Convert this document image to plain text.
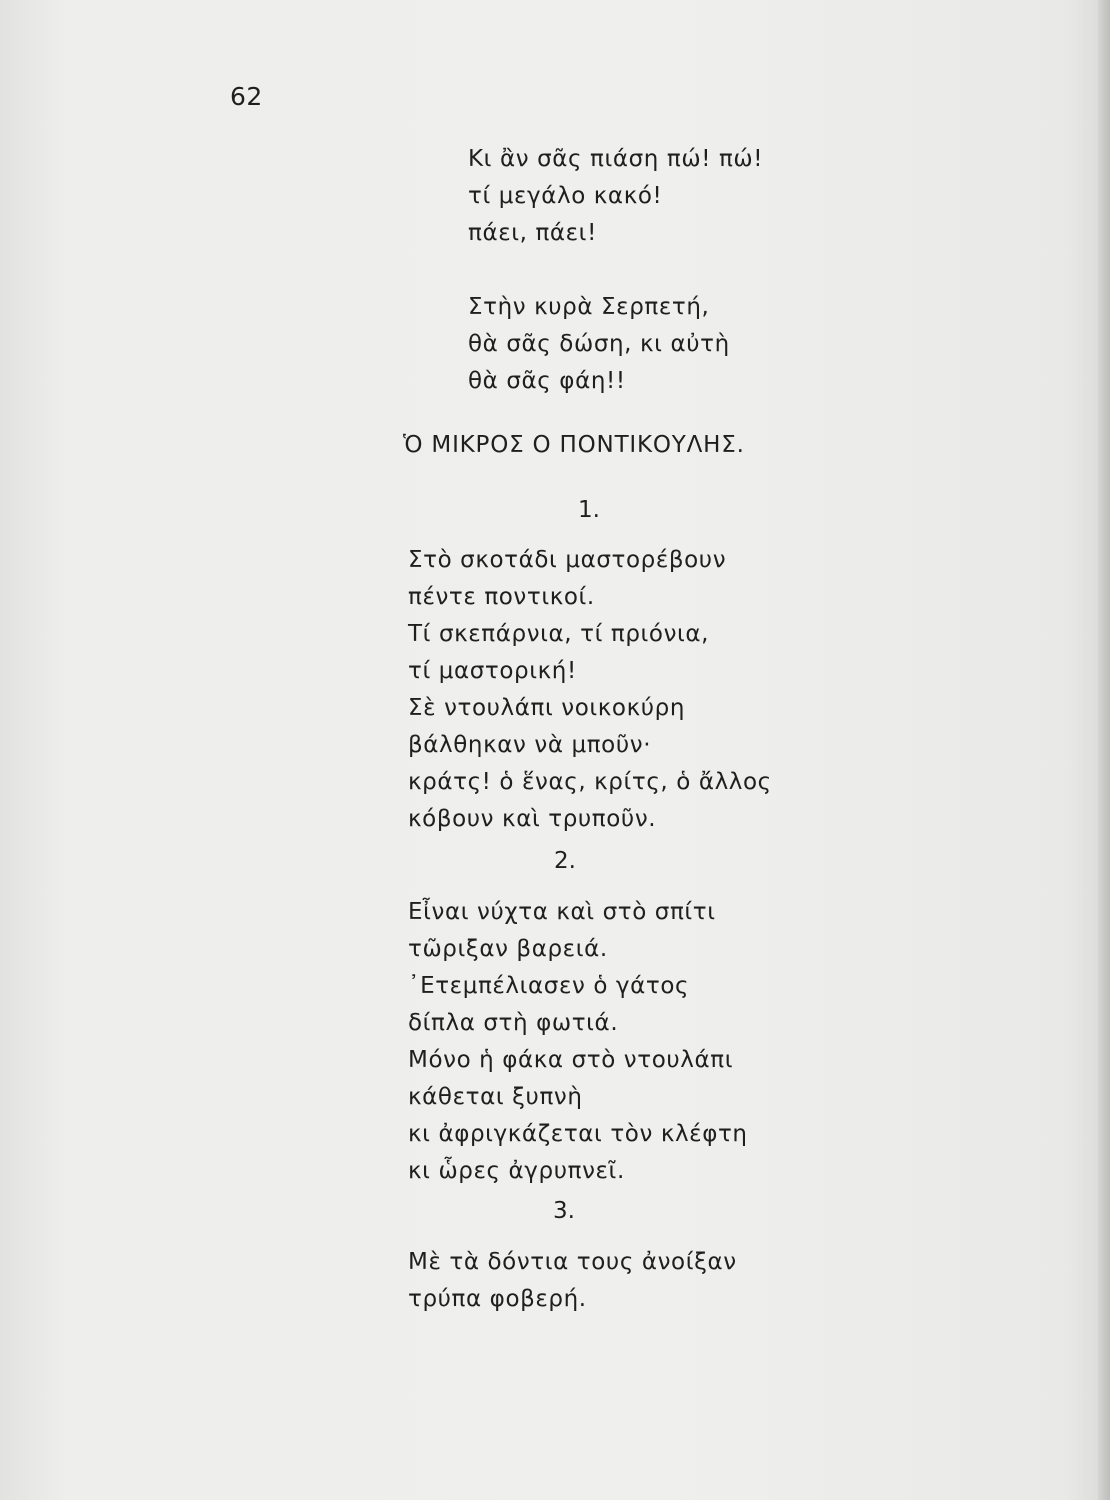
62
Κι ἂν σᾶς πιάση πώ! πώ!
τί μεγάλο κακό!
πάει, πάει!
Στὴν κυρὰ Σερπετή,
θὰ σᾶς δώση, κι αὐτὴ
θὰ σᾶς φάη!!
Ὁ ΜΙΚΡΟΣ Ο ΠΟΝΤΙΚΟΥΛΗΣ.
1.
Στὸ σκοτάδι μαστορέβουν
πέντε ποντικοί.
Τί σκεπάρνια, τί πριόνια,
τί μαστορική!
Σὲ ντουλάπι νοικοκύρη
βάλθηκαν νὰ μποῦν·
κράτς! ὁ ἕνας, κρίτς, ὁ ἄλλος
κόβουν καὶ τρυποῦν.
2.
Εἶναι νύχτα καὶ στὸ σπίτι
τῶριξαν βαρειά.
᾿Ετεμπέλιασεν ὁ γάτος
δίπλα στὴ φωτιά.
Μόνο ἡ φάκα στὸ ντουλάπι
κάθεται ξυπνὴ
κι ἀφριγκάζεται τὸν κλέφτη
κι ὧρες ἀγρυπνεῖ.
3.
Μὲ τὰ δόντια τους ἀνοίξαν
τρύπα φοβερή.
